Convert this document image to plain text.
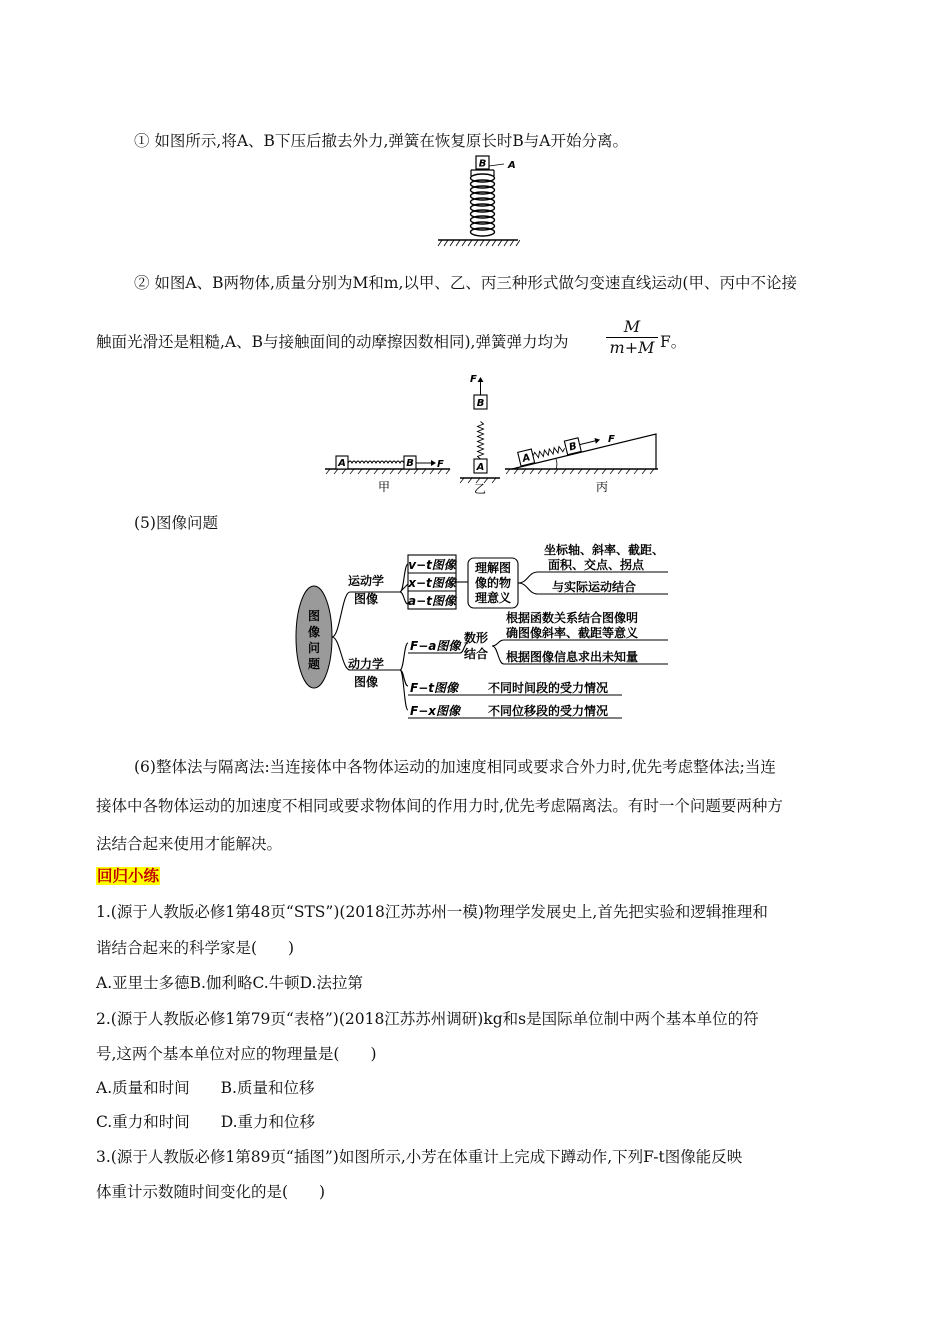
① 如图所示,将A、B下压后撤去外力,弹簧在恢复原长时B与A开始分离。
B A
② 如图A、B两物体,质量分别为M和m,以甲、乙、丙三种形式做匀变速直线运动(甲、丙中不论接
触面光滑还是粗糙,A、B与接触面间的动摩擦因数相同),弹簧弹力均为
M
m+M F。
A	B F
甲
A
B
F
乙
A
B
F
丙
(5)图像问题
图
像
问
题
运动学
图像
v−t图像
x−t图像
a−t图像
理解图
像的物
理意义
坐标轴、斜率、截距、
面积、交点、拐点
与实际运动结合
动力学
图像
F−a图像
数形
结合
根据函数关系结合图像明
确图像斜率、截距等意义
根据图像信息求出未知量
F−t图像	不同时间段的受力情况
F−x图像 不同位移段的受力情况
(6)整体法与隔离法:当连接体中各物体运动的加速度相同或要求合外力时,优先考虑整体法;当连
接体中各物体运动的加速度不相同或要求物体间的作用力时,优先考虑隔离法。有时一个问题要两种方
法结合起来使用才能解决。
回归小练
1.(源于人教版必修1第48页“STS”)(2018江苏苏州一模)物理学发展史上,首先把实验和逻辑推理和
谐结合起来的科学家是(　　)
A.亚里士多德B.伽利略C.牛顿D.法拉第
2.(源于人教版必修1第79页“表格”)(2018江苏苏州调研)kg和s是国际单位制中两个基本单位的符
号,这两个基本单位对应的物理量是(　　)
A.质量和时间　　B.质量和位移
C.重力和时间　　D.重力和位移
3.(源于人教版必修1第89页“插图”)如图所示,小芳在体重计上完成下蹲动作,下列F-t图像能反映
体重计示数随时间变化的是(　　)
